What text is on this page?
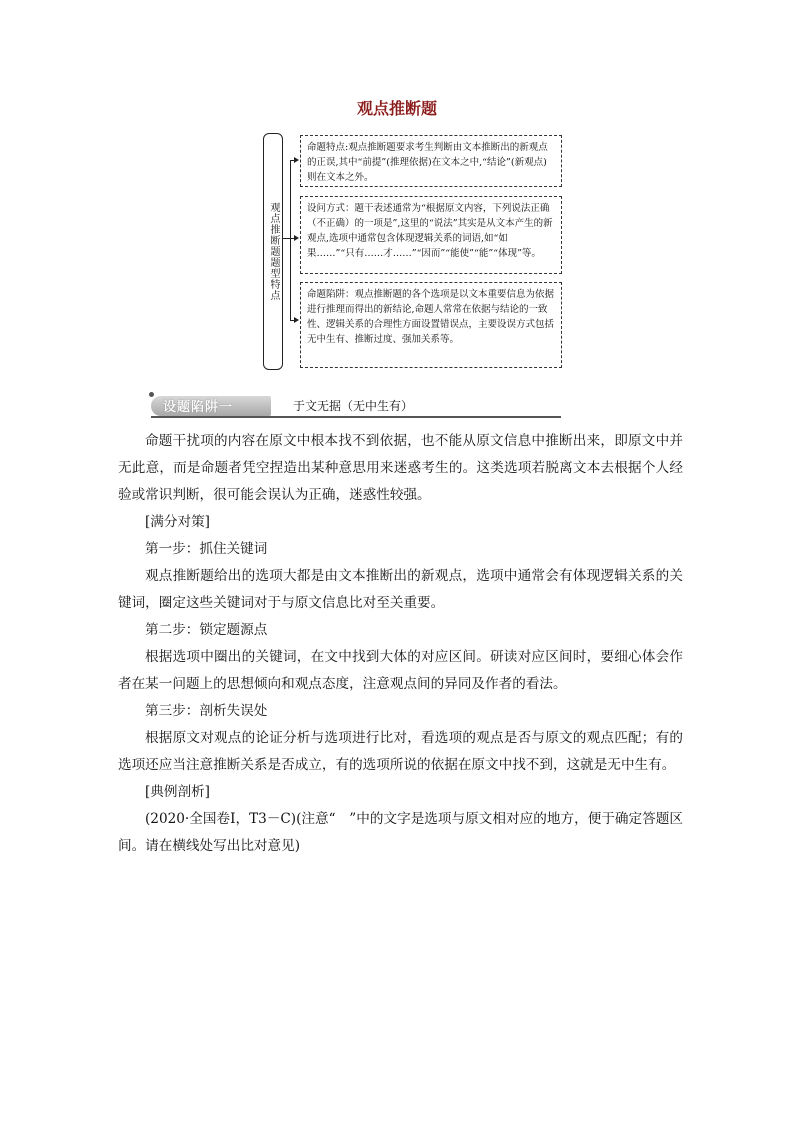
观点推断题
观点推断题题型特点
命题特点:观点推断题要求考生判断由文本推断出的新观点的正误,其中“前提”(推理依据)在文本之中,“结论”(新观点)则在文本之外。
设问方式：题干表述通常为“根据原文内容，下列说法正确（不正确）的一项是”,这里的“说法”其实是从文本产生的新观点,选项中通常包含体现逻辑关系的词语,如“如果……”“只有……才……”“因而”“能使”“能”“体现”等。
命题陷阱：观点推断题的各个选项是以文本重要信息为依据进行推理而得出的新结论,命题人常常在依据与结论的一致性、逻辑关系的合理性方面设置错误点，主要设误方式包括无中生有、推断过度、强加关系等。
设题陷阱一	于文无据（无中生有）

命题干扰项的内容在原文中根本找不到依据，也不能从原文信息中推断出来，即原文中并无此意，而是命题者凭空捏造出某种意思用来迷惑考生的。这类选项若脱离文本去根据个人经验或常识判断，很可能会误认为正确，迷惑性较强。

[满分对策]

第一步：抓住关键词

观点推断题给出的选项大都是由文本推断出的新观点，选项中通常会有体现逻辑关系的关键词，圈定这些关键词对于与原文信息比对至关重要。

第二步：锁定题源点

根据选项中圈出的关键词，在文中找到大体的对应区间。研读对应区间时，要细心体会作者在某一问题上的思想倾向和观点态度，注意观点间的异同及作者的看法。

第三步：剖析失误处

根据原文对观点的论证分析与选项进行比对，看选项的观点是否与原文的观点匹配；有的选项还应当注意推断关系是否成立，有的选项所说的依据在原文中找不到，这就是无中生有。

[典例剖析]

(2020·全国卷Ⅰ，T3－C)(注意“　”中的文字是选项与原文相对应的地方，便于确定答题区间。请在横线处写出比对意见)
